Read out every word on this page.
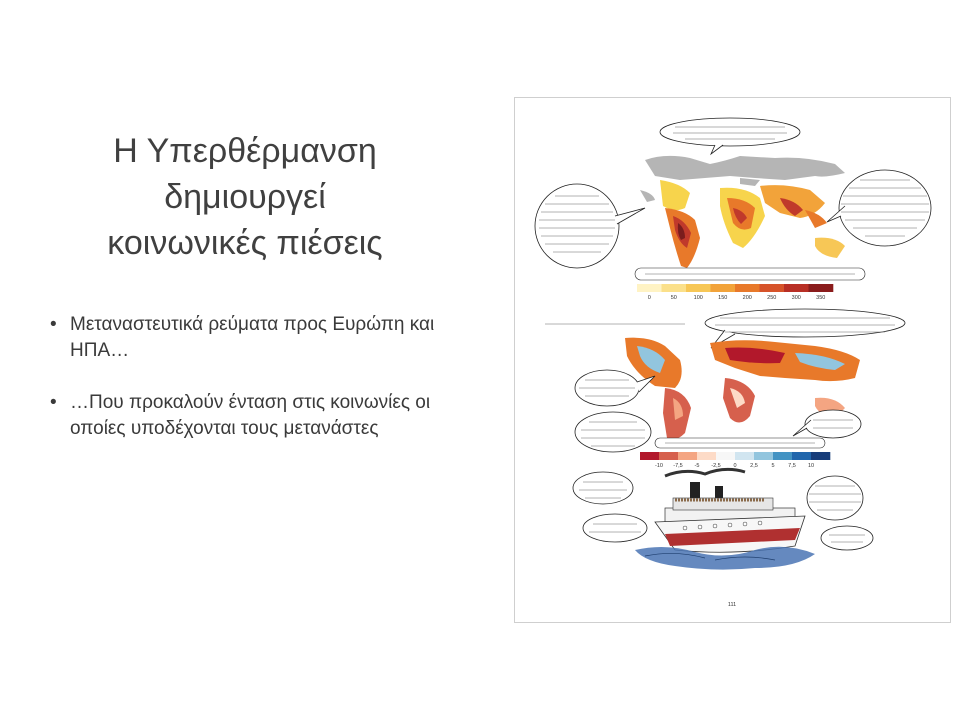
Η Υπερθέρμανση
δημιουργεί
κοινωνικές πιέσεις
• Μεταναστευτικά ρεύματα προς Ευρώπη και ΗΠΑ…
• …Που προκαλούν ένταση στις κοινωνίες οι οποίες υποδέχονται τους μετανάστες
0	50	100	150	200	250	300	350
-10 -7,5 -5 -2,5 0 2,5 5 7,5 10
111
